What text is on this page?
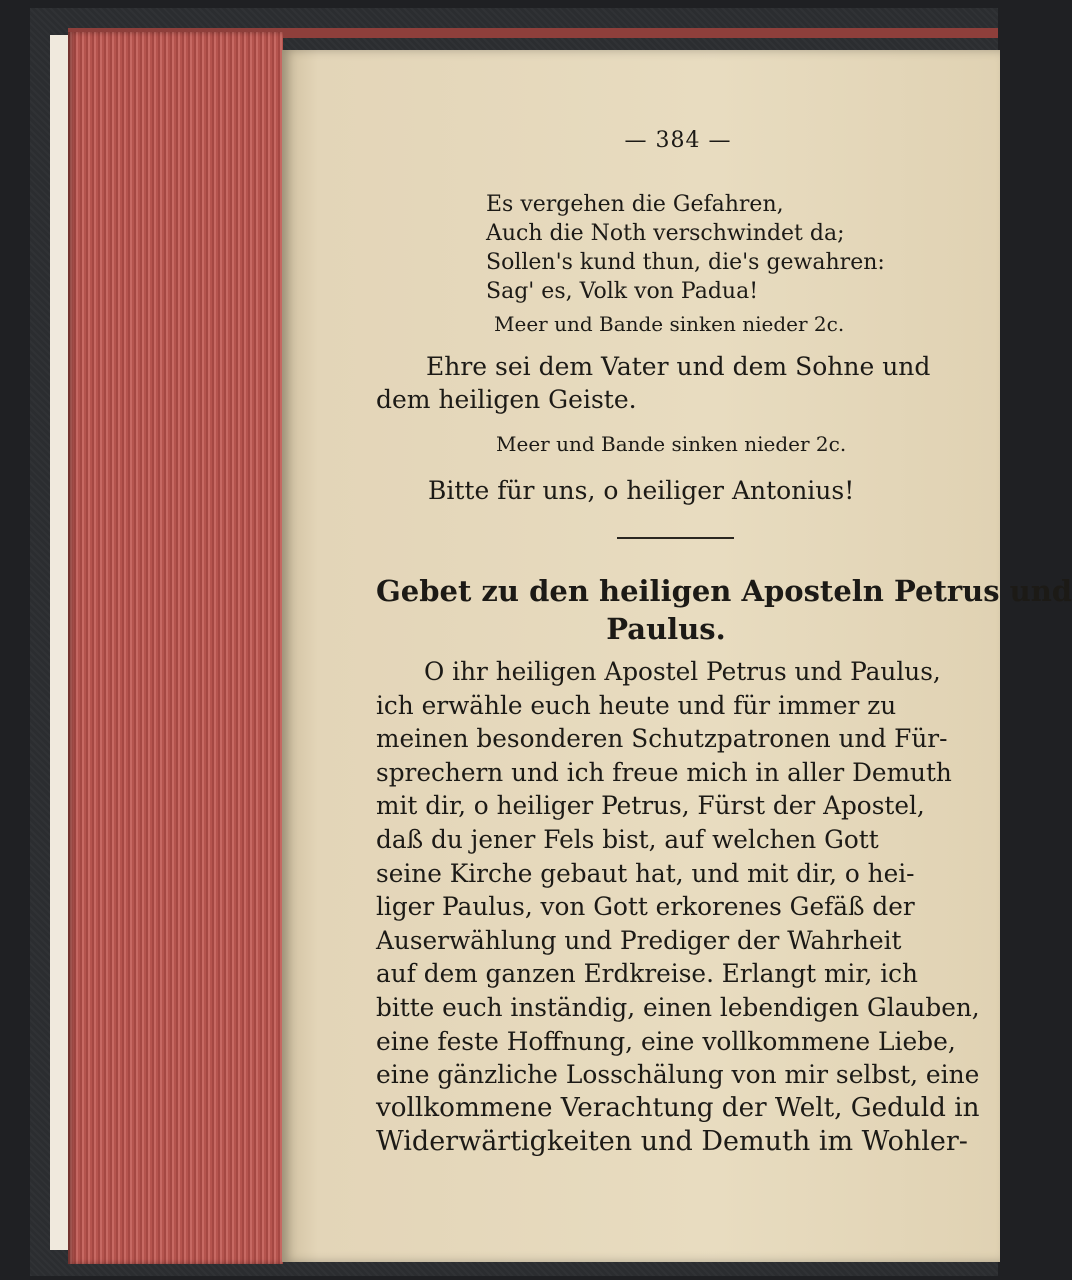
— 384 —
Es vergehen die Gefahren,
Auch die Noth verschwindet da;
Sollen's kund thun, die's gewahren:
Sag' es, Volk von Padua!
Meer und Bande sinken nieder 2c.
Ehre sei dem Vater und dem Sohne und
dem heiligen Geiste.
Meer und Bande sinken nieder 2c.
Bitte für uns, o heiliger Antonius!
Gebet zu den heiligen Aposteln Petrus und
Paulus.
O ihr heiligen Apostel Petrus und Paulus,
ich erwähle euch heute und für immer zu
meinen besonderen Schutzpatronen und Für-
sprechern und ich freue mich in aller Demuth
mit dir, o heiliger Petrus, Fürst der Apostel,
daß du jener Fels bist, auf welchen Gott
seine Kirche gebaut hat, und mit dir, o hei-
liger Paulus, von Gott erkorenes Gefäß der
Auserwählung und Prediger der Wahrheit
auf dem ganzen Erdkreise. Erlangt mir, ich
bitte euch inständig, einen lebendigen Glauben,
eine feste Hoffnung, eine vollkommene Liebe,
eine gänzliche Losschälung von mir selbst, eine
vollkommene Verachtung der Welt, Geduld in
Widerwärtigkeiten und Demuth im Wohler-
